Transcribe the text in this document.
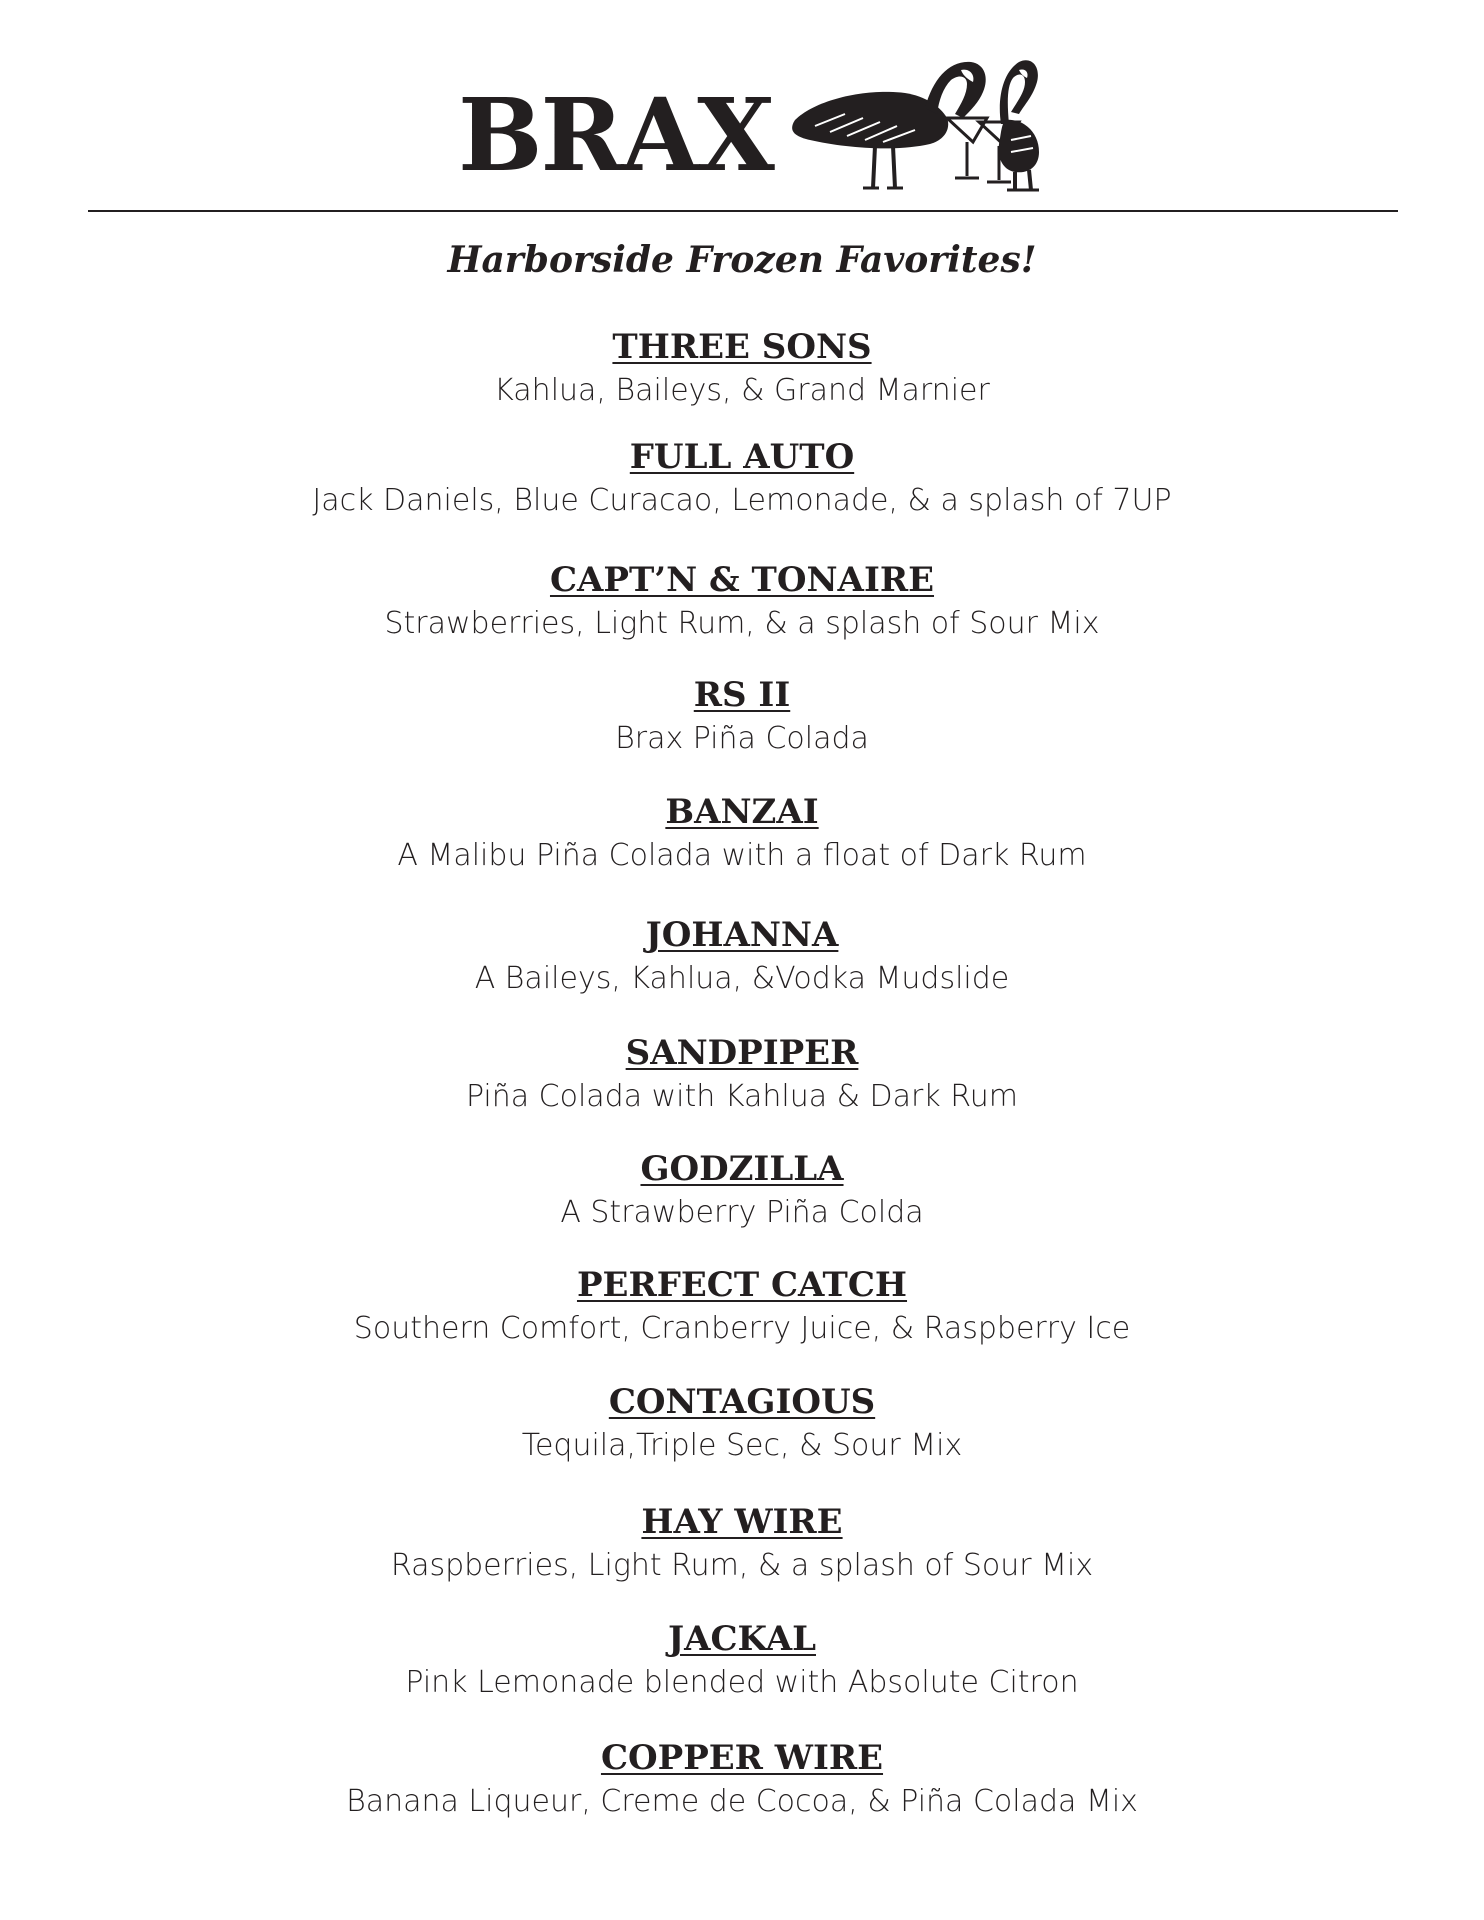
BRAX
Harborside Frozen Favorites!
THREE SONS
Kahlua, Baileys, & Grand Marnier
FULL AUTO
Jack Daniels, Blue Curacao, Lemonade, & a splash of 7UP
CAPT’N & TONAIRE
Strawberries, Light Rum, & a splash of Sour Mix
RS II
Brax Piña Colada
BANZAI
A Malibu Piña Colada with a float of Dark Rum
JOHANNA
A Baileys, Kahlua, &Vodka Mudslide
SANDPIPER
Piña Colada with Kahlua & Dark Rum
GODZILLA
A Strawberry Piña Colda
PERFECT CATCH
Southern Comfort, Cranberry Juice, & Raspberry Ice
CONTAGIOUS
Tequila,Triple Sec, & Sour Mix
HAY WIRE
Raspberries, Light Rum, & a splash of Sour Mix
JACKAL
Pink Lemonade blended with Absolute Citron
COPPER WIRE
Banana Liqueur, Creme de Cocoa, & Piña Colada Mix
